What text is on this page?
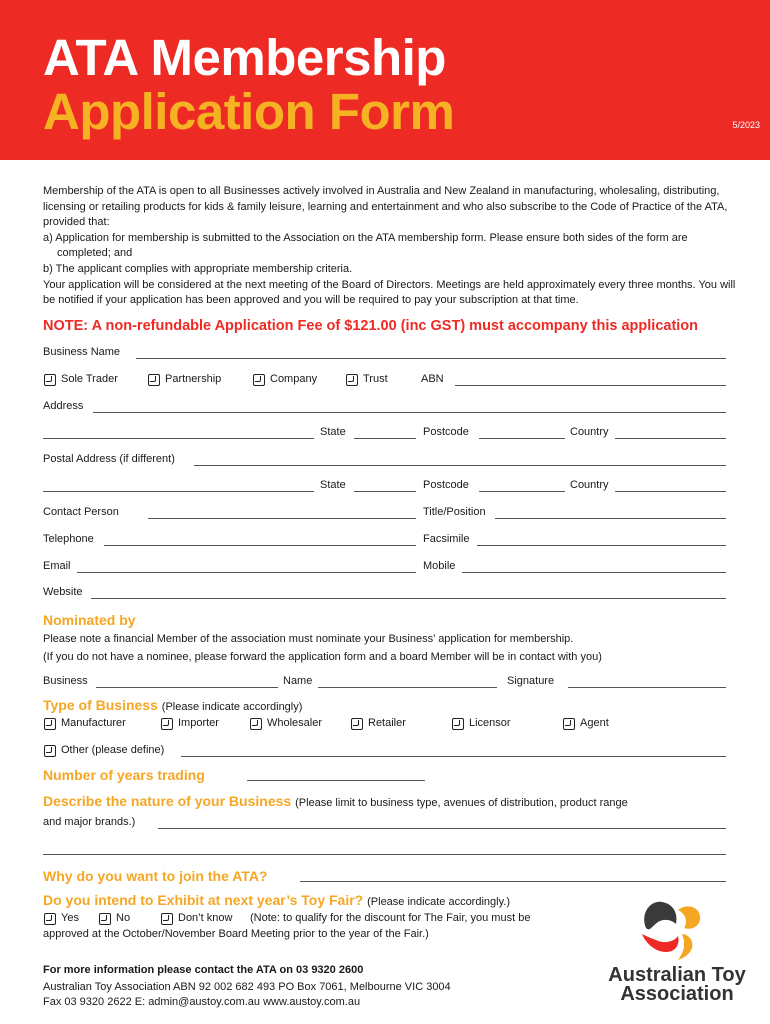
ATA Membership
Application Form	5/2023

Membership of the ATA is open to all Businesses actively involved in Australia and New Zealand in manufacturing, wholesaling, distributing, licensing or retailing products for kids & family leisure, learning and entertainment and who also subscribe to the Code of Practice of the ATA, provided that:

a) Application for membership is submitted to the Association on the ATA membership form. Please ensure both sides of the form are completed; and

b) The applicant complies with appropriate membership criteria.

Your application will be considered at the next meeting of the Board of Directors. Meetings are held approximately every three months. You will be notified if your application has been approved and you will be required to pay your subscription at that time.

NOTE: A non-refundable Application Fee of $121.00 (inc GST) must accompany this application
Business Name
Sole Trader	Partnership	Company	Trust	ABN
Address
State	Postcode	Country
Postal Address (if different)
State	Postcode	Country
Contact Person	Title/Position
Telephone	Facsimile
Email	Mobile
Website
Nominated by
Please note a financial Member of the association must nominate your Business’ application for membership.
(If you do not have a nominee, please forward the application form and a board Member will be in contact with you)
Business	Name	Signature
Type of Business (Please indicate accordingly)
Manufacturer	Importer	Wholesaler	Retailer	Licensor	Agent
Other (please define)
Number of years trading
Describe the nature of your Business (Please limit to business type, avenues of distribution, product range
and major brands.)
Why do you want to join the ATA?
Do you intend to Exhibit at next year’s Toy Fair? (Please indicate accordingly.)
Yes	No	Don’t know (Note: to qualify for the discount for The Fair, you must be
approved at the October/November Board Meeting prior to the year of the Fair.)
For more information please contact the ATA on 03 9320 2600
Australian Toy Association ABN 92 002 682 493 PO Box 7061, Melbourne VIC 3004
Fax 03 9320 2622 E: admin@austoy.com.au www.austoy.com.au
Australian Toy
Association
